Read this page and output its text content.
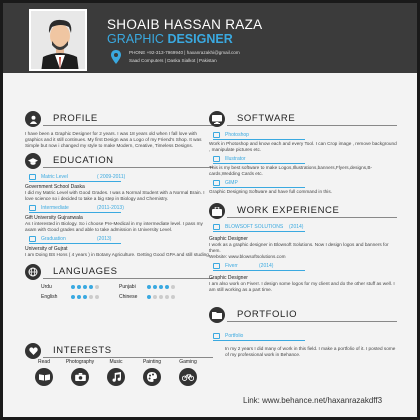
SHOAIB HASSAN RAZA
GRAPHIC DESIGNER
PHONE +92-313-7969940 | haxanrazakhi@gmail.com
Saad Computers | Daska Sialkot | Pakistan
PROFILE
I have been a Graphic Designer for 2 years. I was 18 years old when I fall love with graphics and it still continues. My first Design was a Logo of my Friend's Shop. It was Simple but now i changed my style to make Modern, Creative, Timeless Designs.
EDUCATION
Matric Level	( 2009-2011)
Government School Daska
I did my Matric Level with Good Grades. I was a Normal Student with a Normal Brain. I love science so i decided to take a big step in Biology and Chemistry.
Intermediate	(2011-2013)
Gift University Gujranwala
As I interested in Biology. So i choose Pre-Medical in my intermediate level. I pass my axam with Good grades and able to take admission in University Level.
Graduation	(2013)
University of Gujrat
I am Doing BS Hons ( 4 years ) in Botany Agriculture. Getting Good GPA and still studing.
LANGUAGES
Urdu	Punjabi
English	Chinese
INTERESTS
Read	Photography	Music	Painting	Gaming
SOFTWARE
Photoshop
Work in Photoshop and know each and every Tool. I can Crop image , remove background , manipulate pictures etc.
Illustrator
This is my best software to make Logos,Illustrations,banners,Flyers,designs,B-cards,Wedding Cards etc.
GIMP
Graphic Designing Software and have full command in this.
WORK EXPERIENCE
BLOWSOFT SOLUTIONS (2014)
Graphic Designer
I work as a graphic designer in Blowsoft Solutions. Now I design logos and banners for them.
Website: www.blowsoftsolutions.com
Fiverr	(2014)
Graphic Designer
I am also work on Fiverr. I design some logos for my client and do the other stuff as well. I am still working as a part time.
PORTFOLIO
Portfolio
In my 2 years I did many of work in this field. I make a portfolio of it. I posted some of my professional work in Behance.
Link: www.behance.net/haxanrazakdff3
